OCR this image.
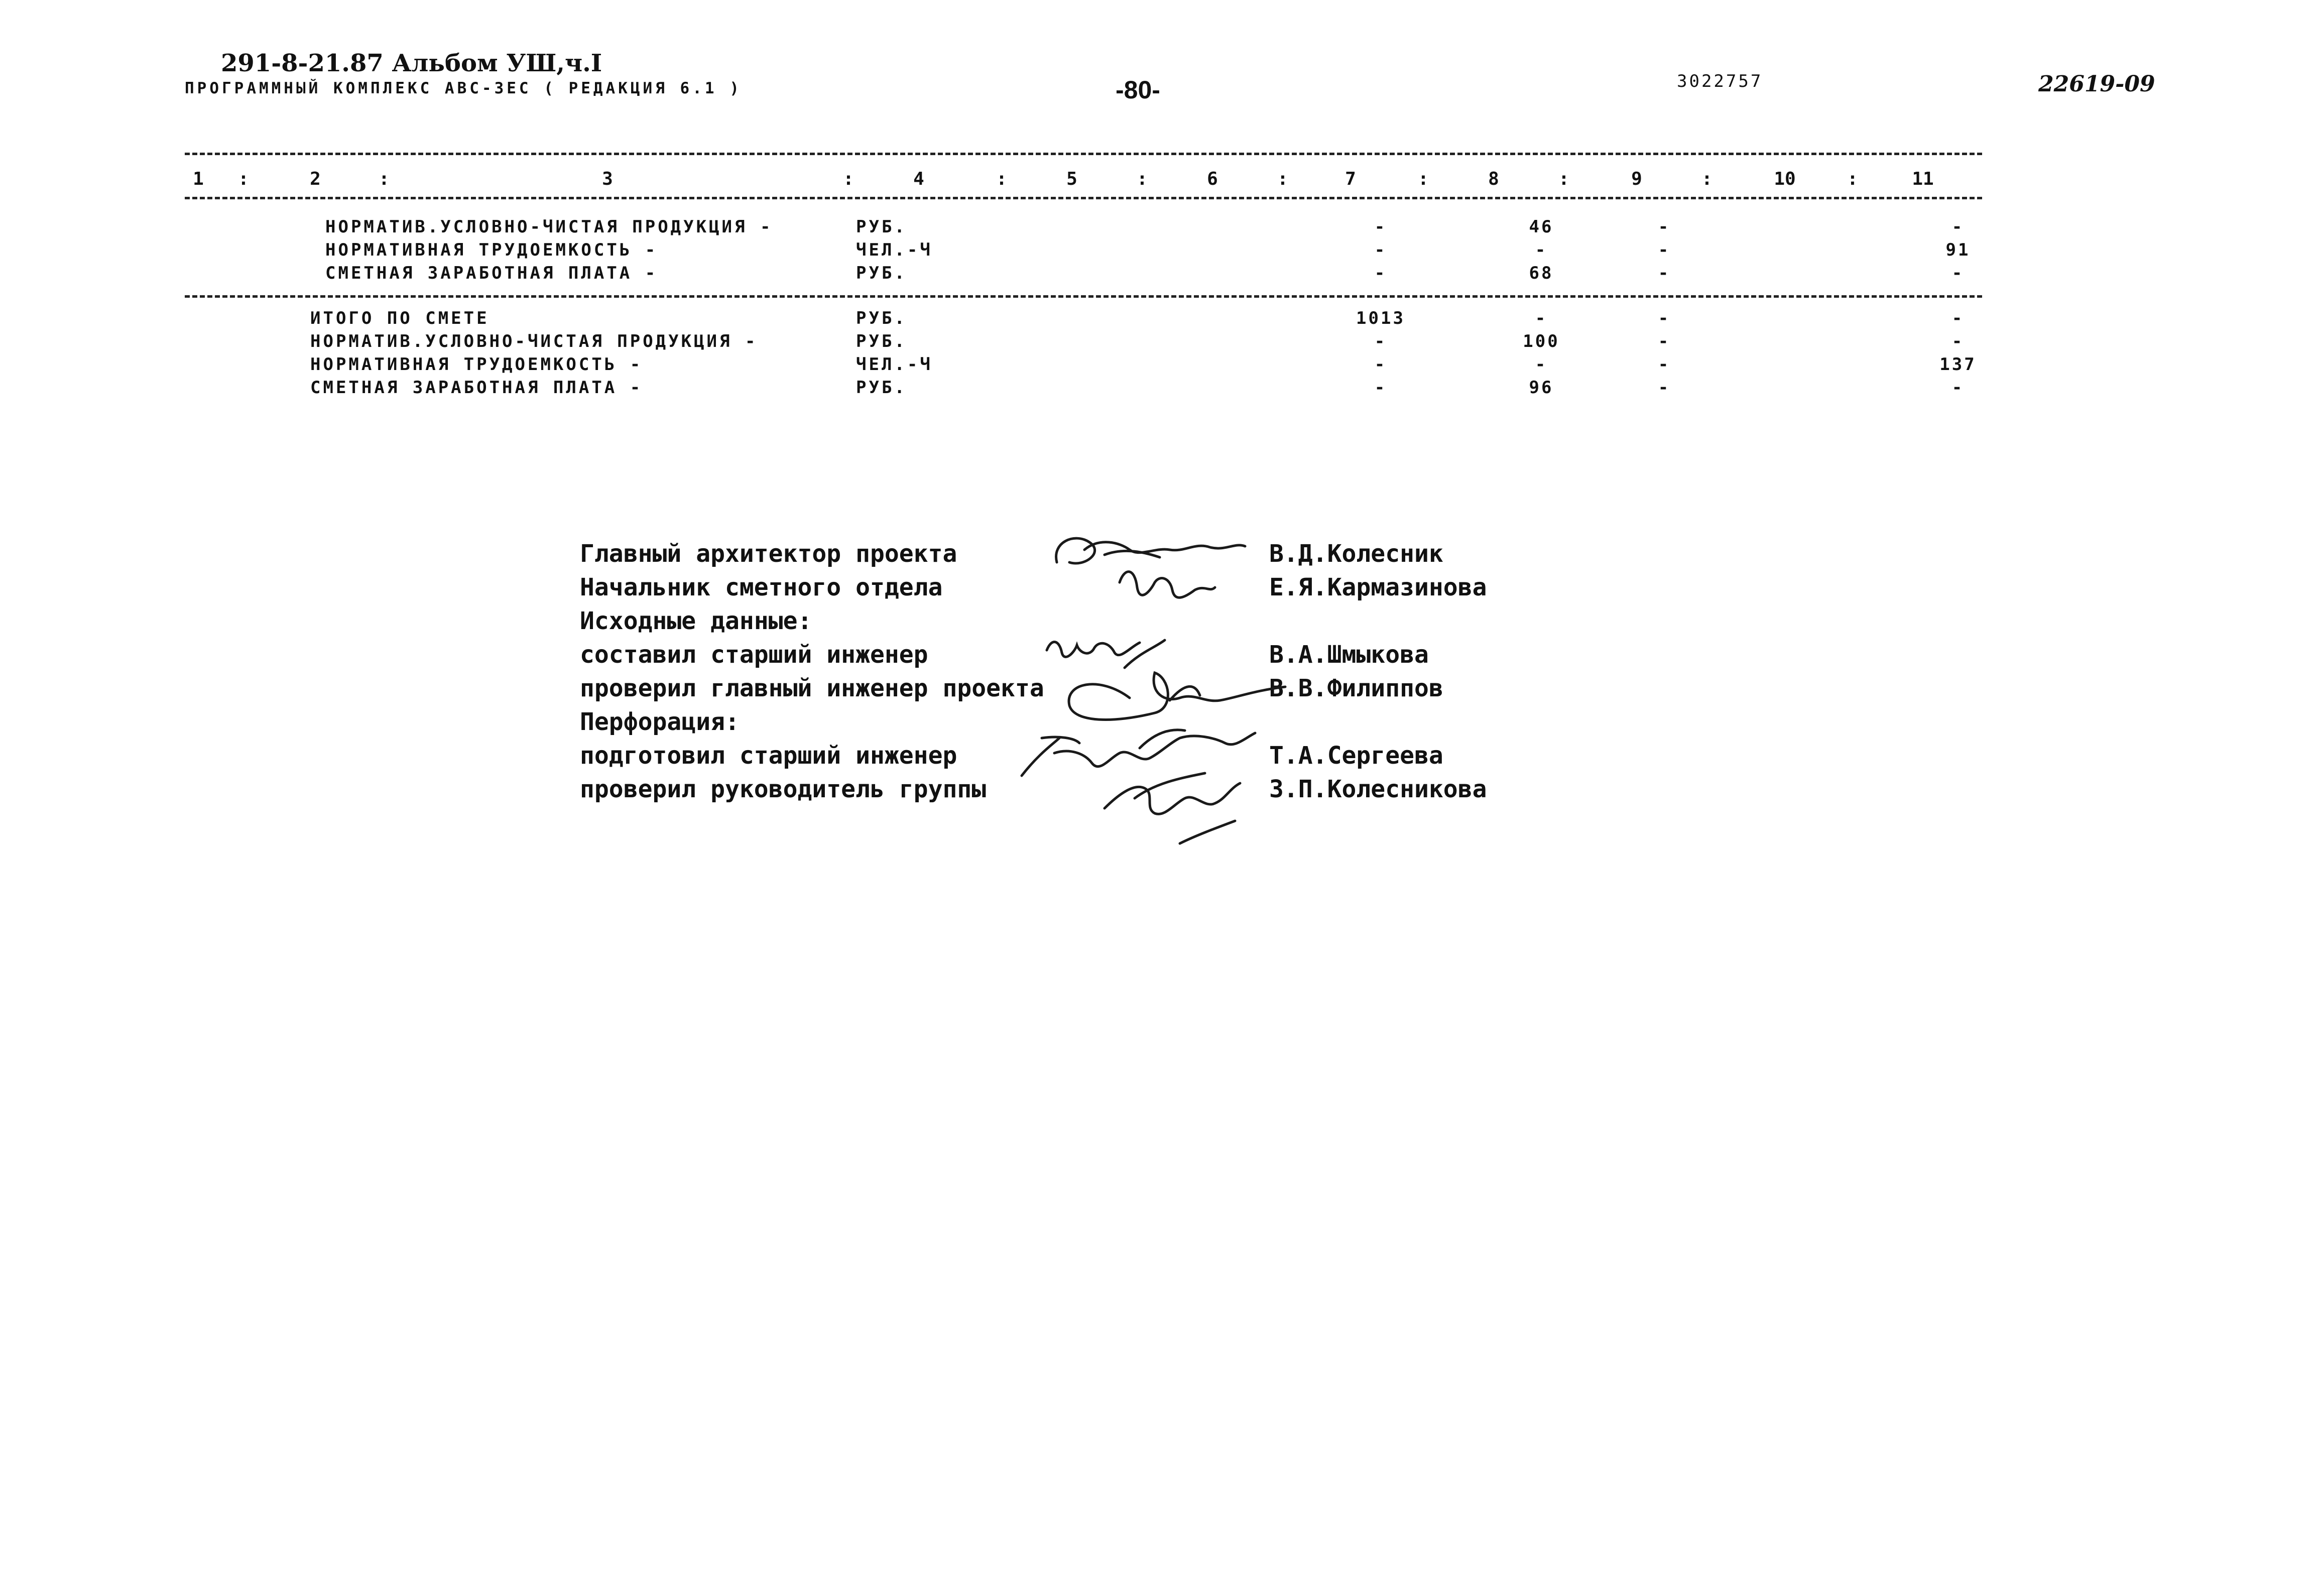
291-8-21.87 Альбом УШ,ч.I
ПРОГРАММНЫЙ КОМПЛЕКС АВС-ЗЕС ( РЕДАКЦИЯ 6.1 )	-80-	3022757	22619-09
1	2	3	4	5	6	7	8	9	10	11
:	:	:	:	:	:	:	:	:	:
НОРМАТИВ.УСЛОВНО-ЧИСТАЯ ПРОДУКЦИЯ -	РУБ.	-	46	-	-
НОРМАТИВНАЯ ТРУДОЕМКОСТЬ -	ЧЕЛ.-Ч	-	-	-	91
СМЕТНАЯ ЗАРАБОТНАЯ ПЛАТА -	РУБ.	-	68	-	-
ИТОГО ПО СМЕТЕ	РУБ.	1013	-	-	-
НОРМАТИВ.УСЛОВНО-ЧИСТАЯ ПРОДУКЦИЯ -	РУБ.	-	100	-	-
НОРМАТИВНАЯ ТРУДОЕМКОСТЬ -	ЧЕЛ.-Ч	-	-	-	137
СМЕТНАЯ ЗАРАБОТНАЯ ПЛАТА -	РУБ.	-	96	-	-
Главный архитектор проекта	В.Д.Колесник
Начальник сметного отдела	Е.Я.Кармазинова
Исходные данные:
составил старший инженер	В.А.Шмыкова
проверил главный инженер проекта	В.В.Филиппов
Перфорация:
подготовил старший инженер	Т.А.Сергеева
проверил руководитель группы	З.П.Колесникова
